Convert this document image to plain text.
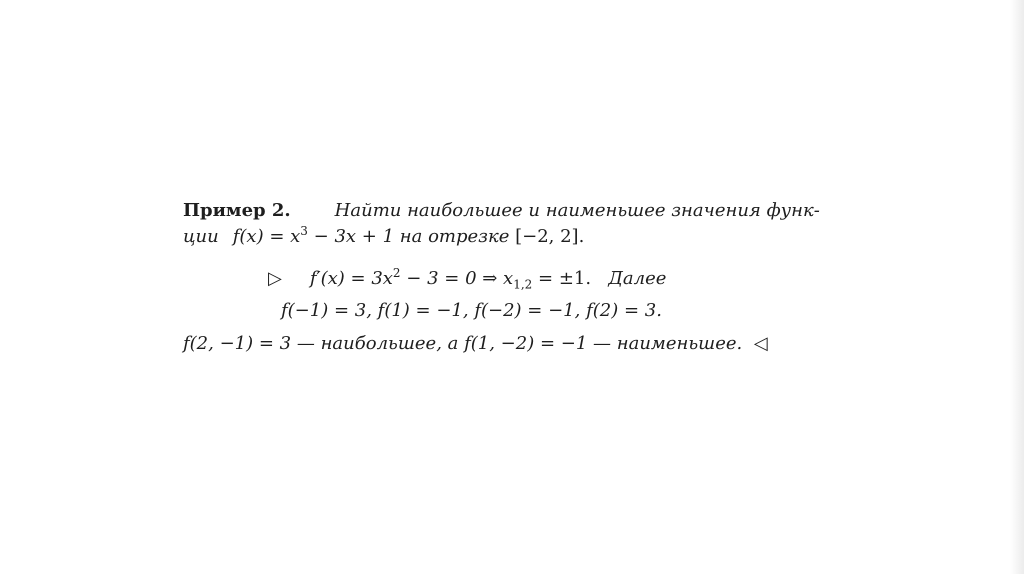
Пример 2. Найти наибольшее и наименьшее значения функ-
ции $f(x) = x^3 - 3x + 1$ на отрезке [−2, 2].
▷ $f'(x) = 3x^2 - 3 = 0$ ⇒ $x_{1,2} = \pm 1$. Далее
f(−1) = 3, f(1) = −1, f(−2) = −1, f(2) = 3.
f(2, −1) = 3 — наибольшее, а f(1, −2) = −1 — наименьшее. ◁
